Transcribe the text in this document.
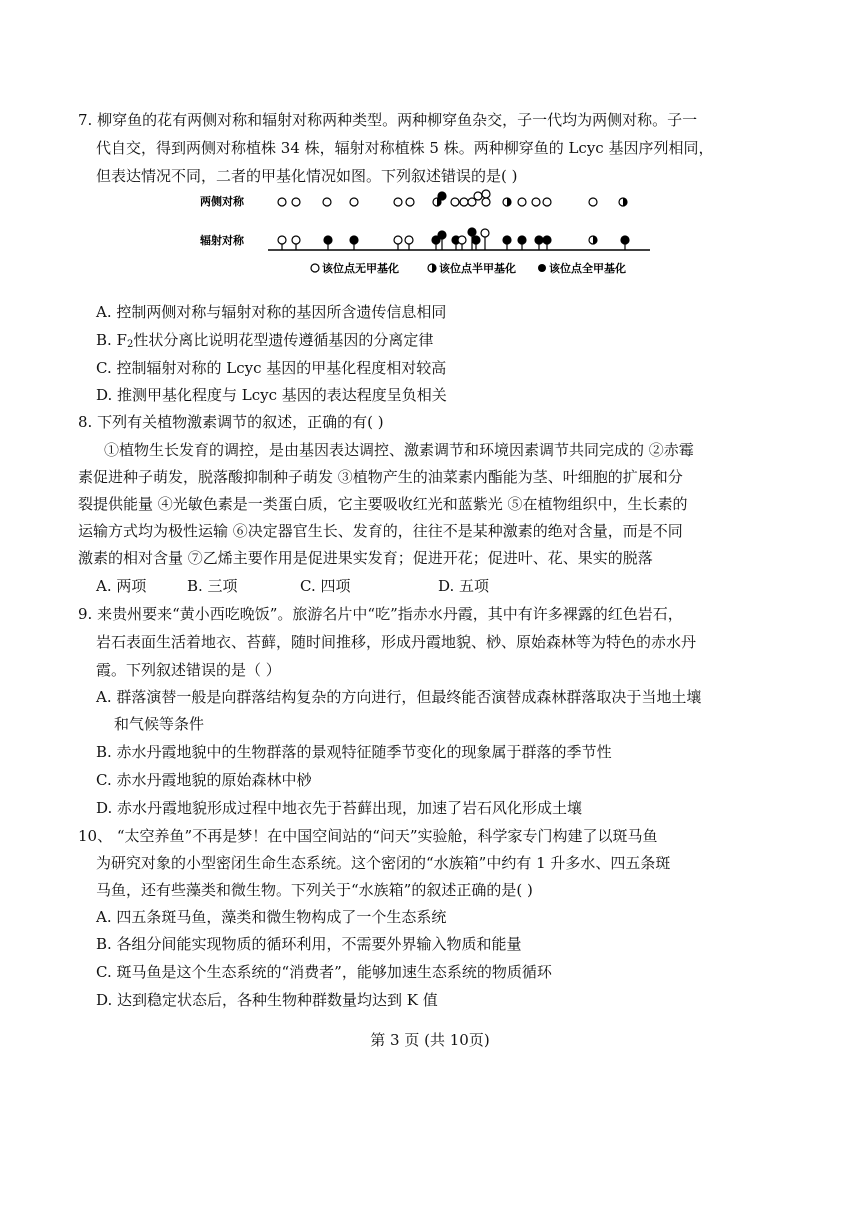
7. 柳穿鱼的花有两侧对称和辐射对称两种类型。两种柳穿鱼杂交，子一代均为两侧对称。子一
代自交，得到两侧对称植株 34 株，辐射对称植株 5 株。两种柳穿鱼的 Lcyc 基因序列相同，
但表达情况不同，二者的甲基化情况如图。下列叙述错误的是( )
两侧对称
辐射对称
该位点无甲基化	该位点半甲基化	该位点全甲基化
A. 控制两侧对称与辐射对称的基因所含遗传信息相同
B. $F_2$性状分离比说明花型遗传遵循基因的分离定律
C. 控制辐射对称的 Lcyc 基因的甲基化程度相对较高
D. 推测甲基化程度与 Lcyc 基因的表达程度呈负相关
8. 下列有关植物激素调节的叙述，正确的有( )
①植物生长发育的调控，是由基因表达调控、激素调节和环境因素调节共同完成的 ②赤霉
素促进种子萌发，脱落酸抑制种子萌发 ③植物产生的油菜素内酯能为茎、叶细胞的扩展和分
裂提供能量 ④光敏色素是一类蛋白质，它主要吸收红光和蓝紫光 ⑤在植物组织中，生长素的
运输方式均为极性运输 ⑥决定器官生长、发育的，往往不是某种激素的绝对含量，而是不同
激素的相对含量 ⑦乙烯主要作用是促进果实发育；促进开花；促进叶、花、果实的脱落
A. 两项	B. 三项	C. 四项	D. 五项
9. 来贵州要来“黄小西吃晚饭”。旅游名片中“吃”指赤水丹霞，其中有许多裸露的红色岩石，
岩石表面生活着地衣、苔藓，随时间推移，形成丹霞地貌、桫、原始森林等为特色的赤水丹
霞。下列叙述错误的是（ ）
A. 群落演替一般是向群落结构复杂的方向进行，但最终能否演替成森林群落取决于当地土壤
和气候等条件
B. 赤水丹霞地貌中的生物群落的景观特征随季节变化的现象属于群落的季节性
C. 赤水丹霞地貌的原始森林中桫
D. 赤水丹霞地貌形成过程中地衣先于苔藓出现，加速了岩石风化形成土壤
10、 “太空养鱼”不再是梦！在中国空间站的“问天”实验舱，科学家专门构建了以斑马鱼
为研究对象的小型密闭生命生态系统。这个密闭的“水族箱”中约有 1 升多水、四五条斑
马鱼，还有些藻类和微生物。下列关于“水族箱”的叙述正确的是( )
A. 四五条斑马鱼，藻类和微生物构成了一个生态系统
B. 各组分间能实现物质的循环利用，不需要外界输入物质和能量
C. 斑马鱼是这个生态系统的“消费者”，能够加速生态系统的物质循环
D. 达到稳定状态后，各种生物种群数量均达到 K 值
第 3 页 (共 10页)
